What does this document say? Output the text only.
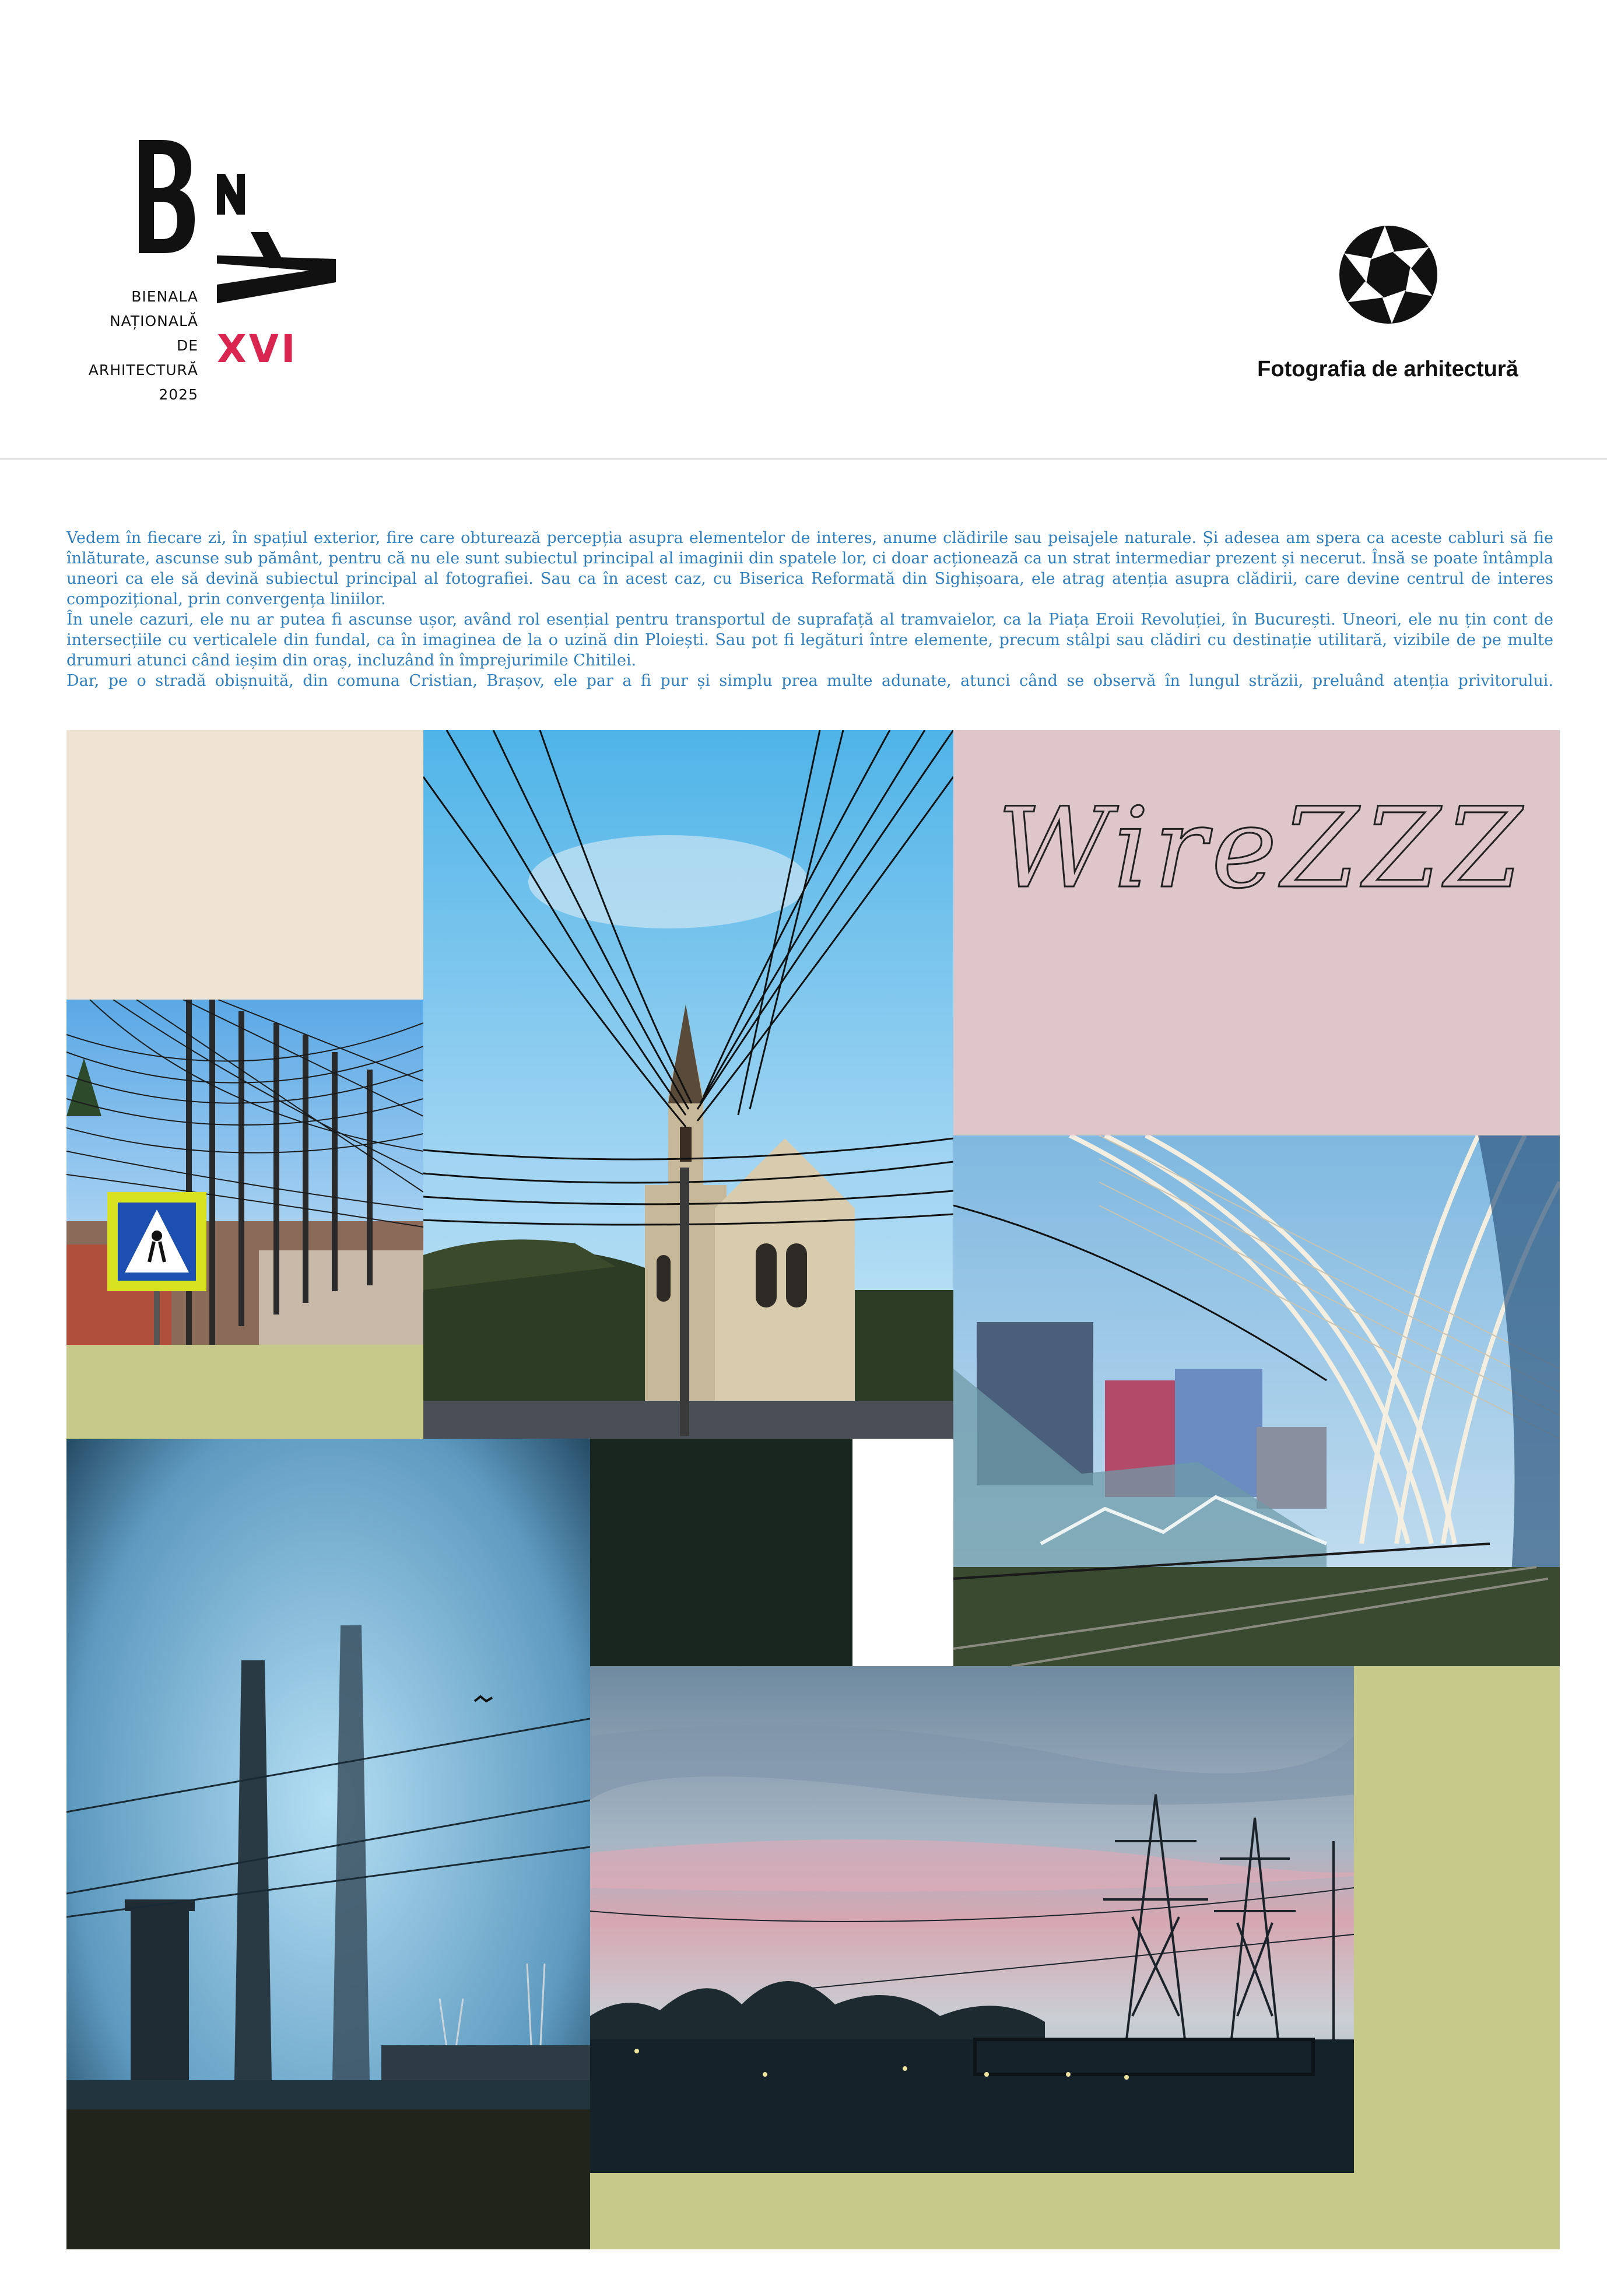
BIENALA
NAȚIONALĂ
DE
ARHITECTURĂ
2025
XVI	Fotografia de arhitectură

Vedem în fiecare zi, în spațiul exterior, fire care obturează percepția asupra elementelor de interes, anume clădirile sau peisajele naturale. Și adesea am spera ca aceste cabluri să fie înlăturate, ascunse sub pământ, pentru că nu ele sunt subiectul principal al imaginii din spatele lor, ci doar acționează ca un strat intermediar prezent și necerut. Însă se poate întâmpla uneori ca ele să devină subiectul principal al fotografiei. Sau ca în acest caz, cu Biserica Reformată din Sighișoara, ele atrag atenția asupra clădirii, care devine centrul de interes compozițional, prin convergența liniilor.

În unele cazuri, ele nu ar putea fi ascunse ușor, având rol esențial pentru transportul de suprafață al tramvaielor, ca la Piața Eroii Revoluției, în București. Uneori, ele nu țin cont de intersecțiile cu verticalele din fundal, ca în imaginea de la o uzină din Ploiești. Sau pot fi legături între elemente, precum stâlpi sau clădiri cu destinație utilitară, vizibile de pe multe drumuri atunci când ieșim din oraș, incluzând în împrejurimile Chitilei.

Dar, pe o stradă obișnuită, din comuna Cristian, Brașov, ele par a fi pur și simplu prea multe adunate, atunci când se observă în lungul străzii, preluând atenția privitorului.

WireZZZ
